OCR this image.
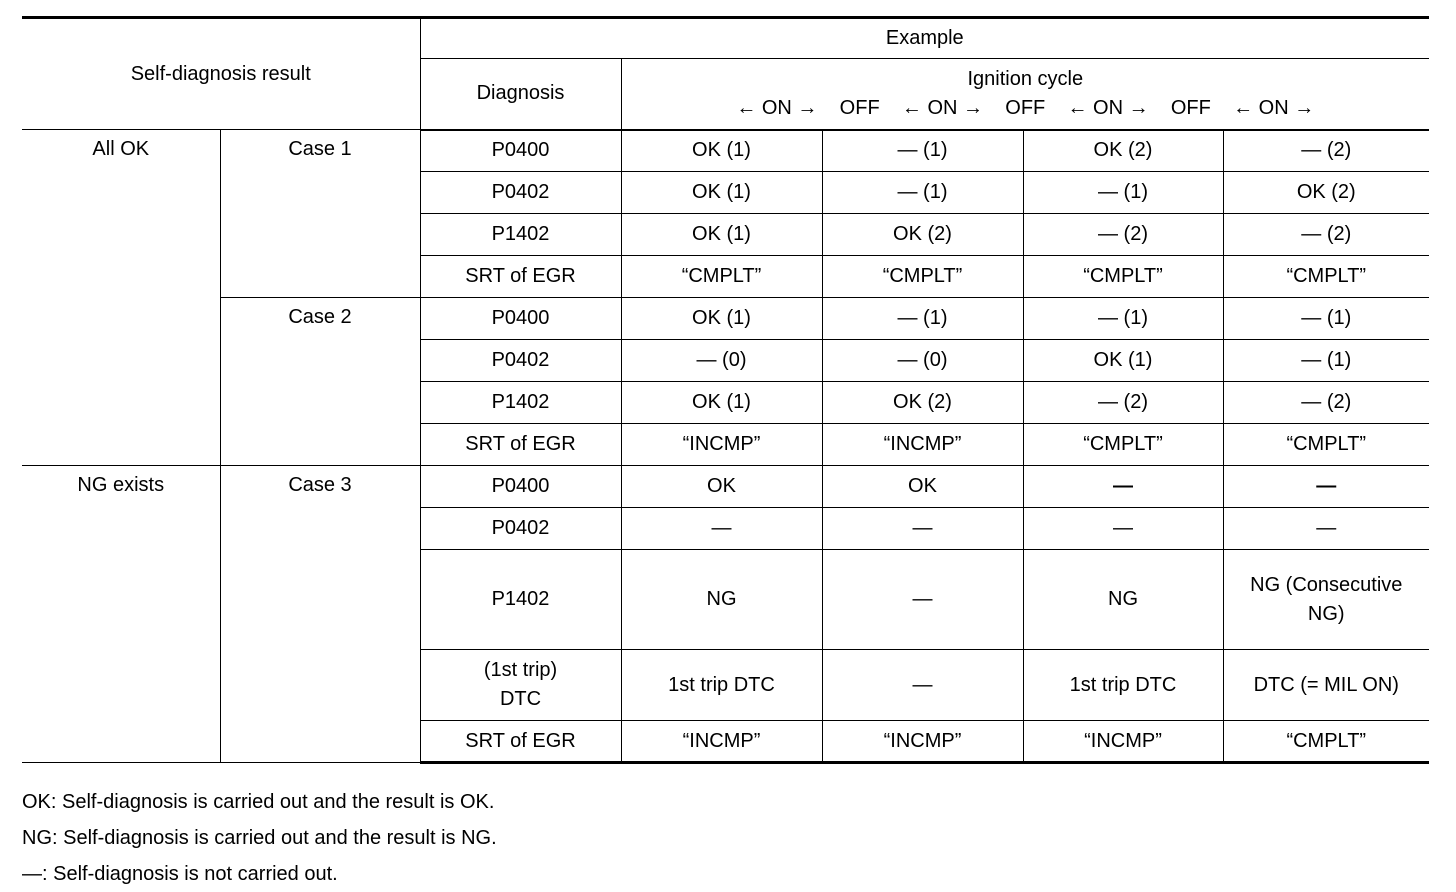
Self-diagnosis result		Example				
		Diagnosis	Ignition cycle
← ON → OFF ← ON → OFF ← ON → OFF ← ON →			

All OK	Case 1	P0400	OK (1)	— (1)	OK (2)	— (2)
		P0402	OK (1)	— (1)	— (1)	OK (2)
		P1402	OK (1)	OK (2)	— (2)	— (2)
		SRT of EGR	“CMPLT”	“CMPLT”	“CMPLT”	“CMPLT”
	Case 2	P0400	OK (1)	— (1)	— (1)	— (1)
		P0402	— (0)	— (0)	OK (1)	— (1)
		P1402	OK (1)	OK (2)	— (2)	— (2)
		SRT of EGR	“INCMP”	“INCMP”	“CMPLT”	“CMPLT”
NG exists	Case 3	P0400	OK	OK	—	—
		P0402	—	—	—	—
		P1402	NG	—	NG	NG (Consecutive NG)
		(1st trip) DTC	1st trip DTC	—	1st trip DTC	DTC (= MIL ON)
		SRT of EGR	“INCMP”	“INCMP”	“INCMP”	“CMPLT”
OK: Self-diagnosis is carried out and the result is OK.
NG: Self-diagnosis is carried out and the result is NG.
—: Self-diagnosis is not carried out.
